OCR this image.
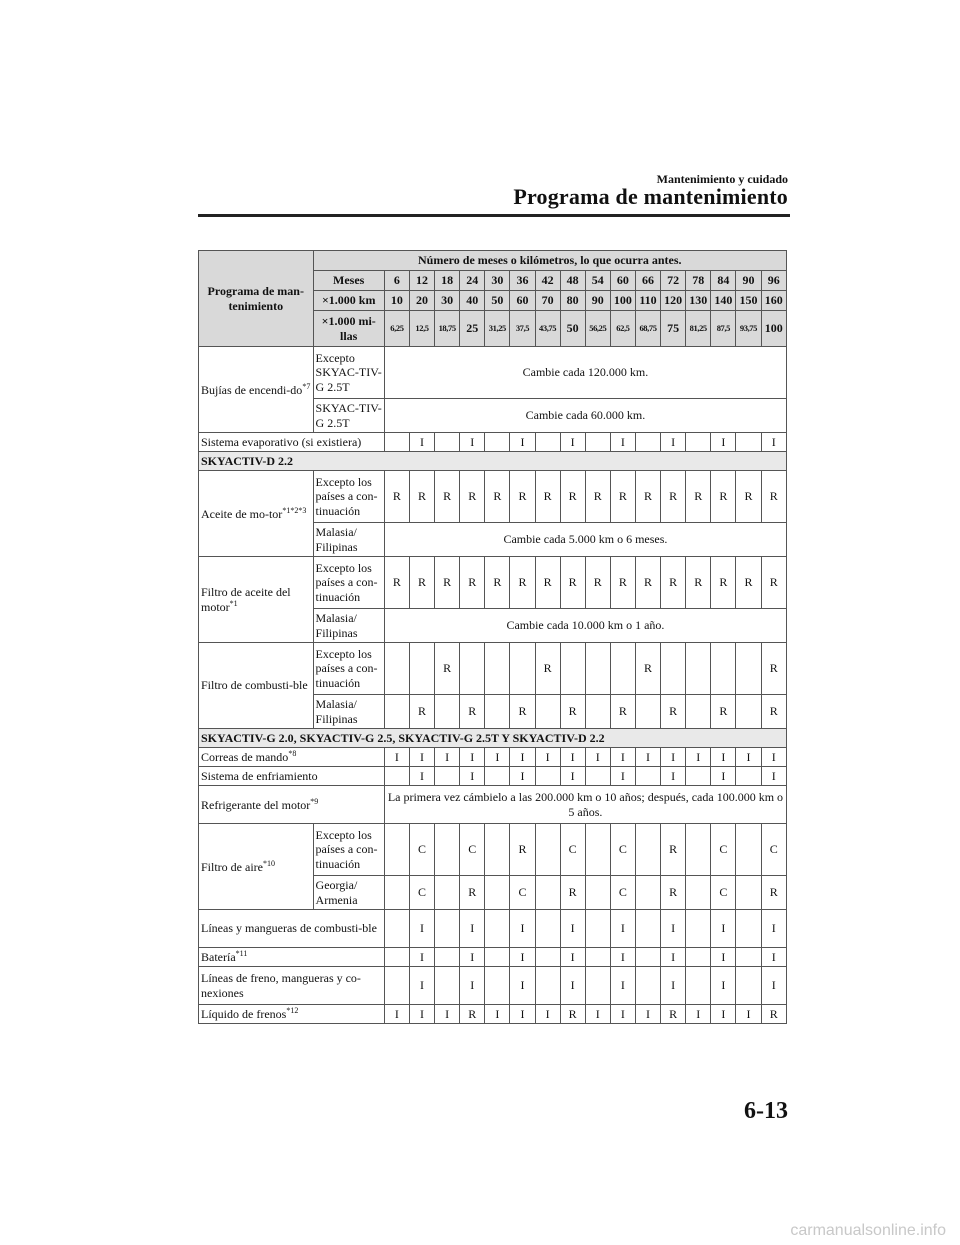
Mantenimiento y cuidado
Programa de mantenimiento
Programa de man-tenimiento	Número de meses o kilómetros, lo que ocurra antes.																
	Meses	6	12	18	24	30	36	42	48	54	60	66	72	78	84	90	96
	×1.000 km	10	20	30	40	50	60	70	80	90	100	110	120	130	140	150	160
	×1.000 mi-llas	6,25	12,5	18,75	25	31,25	37,5	43,75	50	56,25	62,5	68,75	75	81,25	87,5	93,75	100
Bujías de encendi-$do^{*7}$	Excepto SKYAC-TIV-G 2.5T	Cambie cada 120.000 km.															
	SKYAC-TIV-G 2.5T	Cambie cada 60.000 km.															
Sistema evaporativo (si existiera)			I		I		I		I		I		I		I		I
SKYACTIV-D 2.2																	
Aceite de mo-tor$^{*1*2*3}$	Excepto los países a con-tinuación	R	R	R	R	R	R	R	R	R	R	R	R	R	R	R	R
	Malasia/ Filipinas	Cambie cada 5.000 km o 6 meses.															
Filtro de aceite del motor$^{*1}$	Excepto los países a con-tinuación	R	R	R	R	R	R	R	R	R	R	R	R	R	R	R	R
	Malasia/ Filipinas	Cambie cada 10.000 km o 1 año.															
Filtro de combusti-ble	Excepto los países a con-tinuación			R				R				R					R
	Malasia/ Filipinas		R		R		R		R		R		R		R		R
SKYACTIV-G 2.0, SKYACTIV-G 2.5, SKYACTIV-G 2.5T Y SKYACTIV-D 2.2																	
Correas de mando$^{*8}$		I	I	I	I	I	I	I	I	I	I	I	I	I	I	I	I
Sistema de enfriamiento			I		I		I		I		I		I		I		I
Refrigerante del motor$^{*9}$		La primera vez cámbielo a las 200.000 km o 10 años; después, cada 100.000 km o 5 años.															
Filtro de aire$^{*10}$	Excepto los países a con-tinuación		C		C		R		C		C		R		C		C
	Georgia/ Armenia		C		R		C		R		C		R		C		R
Líneas y mangueras de combusti-ble			I		I		I		I		I		I		I		I
Batería$^{*11}$			I		I		I		I		I		I		I		I
Líneas de freno, mangueras y co-nexiones			I		I		I		I		I		I		I		I
Líquido de frenos$^{*12}$		I	I	I	R	I	I	I	R	I	I	I	R	I	I	I	R
6-13
carmanualsonline.info
